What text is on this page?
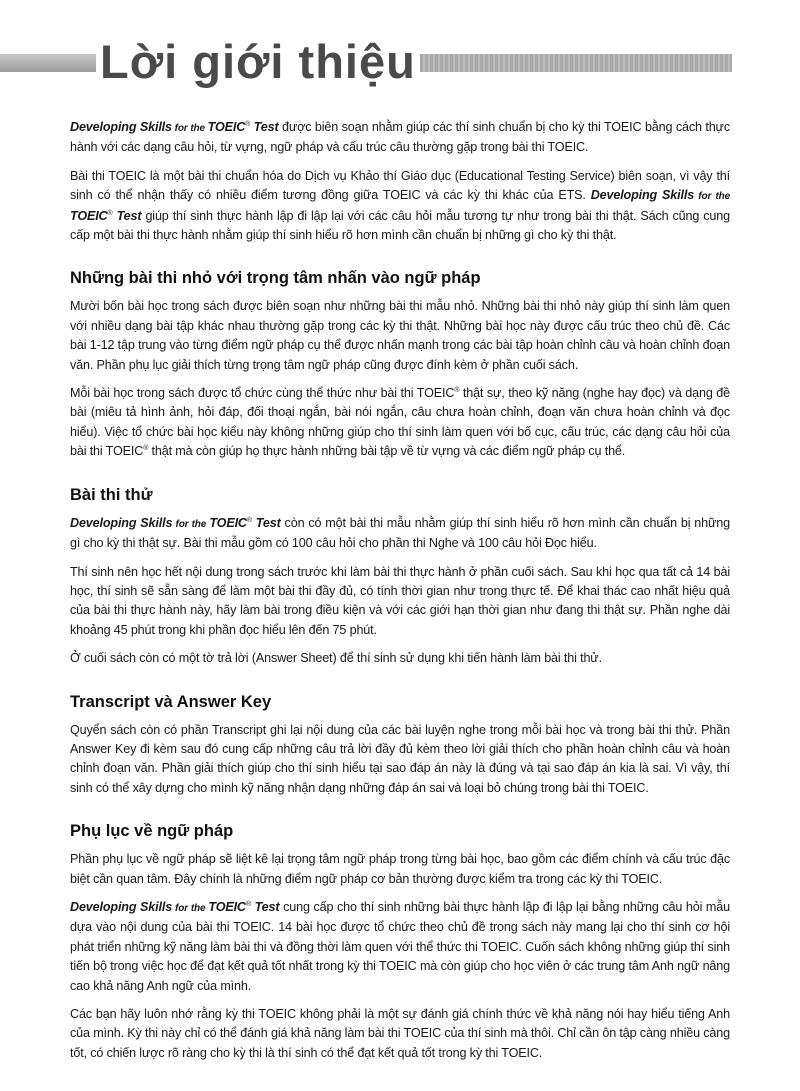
Lời giới thiệu

Developing Skills for the TOEIC® Test được biên soạn nhằm giúp các thí sinh chuẩn bị cho kỳ thi TOEIC bằng cách thực hành với các dạng câu hỏi, từ vựng, ngữ pháp và cấu trúc câu thường gặp trong bài thi TOEIC.

Bài thi TOEIC là một bài thi chuẩn hóa do Dịch vụ Khảo thí Giáo dục (Educational Testing Service) biên soạn, vì vậy thí sinh có thể nhận thấy có nhiều điểm tương đồng giữa TOEIC và các kỳ thi khác của ETS. Developing Skills for the TOEIC® Test giúp thí sinh thực hành lập đi lập lại với các câu hỏi mẫu tương tự như trong bài thi thật. Sách cũng cung cấp một bài thi thực hành nhằm giúp thí sinh hiểu rõ hơn mình cần chuẩn bị những gì cho kỳ thi thật.

Những bài thi nhỏ với trọng tâm nhấn vào ngữ pháp

Mười bốn bài học trong sách được biên soạn như những bài thi mẫu nhỏ. Những bài thi nhỏ này giúp thí sinh làm quen với nhiều dạng bài tập khác nhau thường gặp trong các kỳ thi thật. Những bài học này được cấu trúc theo chủ đề. Các bài 1-12 tập trung vào từng điểm ngữ pháp cụ thể được nhấn mạnh trong các bài tập hoàn chỉnh câu và hoàn chỉnh đoạn văn. Phần phụ lục giải thích từng trọng tâm ngữ pháp cũng được đính kèm ở phần cuối sách.

Mỗi bài học trong sách được tổ chức cùng thể thức như bài thi TOEIC® thật sự, theo kỹ năng (nghe hay đọc) và dạng đề bài (miêu tả hình ảnh, hỏi đáp, đối thoại ngắn, bài nói ngắn, câu chưa hoàn chỉnh, đoạn văn chưa hoàn chỉnh và đọc hiểu). Việc tổ chức bài học kiểu này không những giúp cho thí sinh làm quen với bố cục, cấu trúc, các dạng câu hỏi của bài thi TOEIC® thật mà còn giúp họ thực hành những bài tập về từ vựng và các điểm ngữ pháp cụ thể.

Bài thi thử

Developing Skills for the TOEIC® Test còn có một bài thi mẫu nhằm giúp thí sinh hiểu rõ hơn mình cần chuẩn bị những gì cho kỳ thi thật sự. Bài thi mẫu gồm có 100 câu hỏi cho phần thi Nghe và 100 câu hỏi Đọc hiểu.

Thí sinh nên học hết nội dung trong sách trước khi làm bài thi thực hành ở phần cuối sách. Sau khi học qua tất cả 14 bài học, thí sinh sẽ sẵn sàng để làm một bài thi đầy đủ, có tính thời gian như trong thực tế. Để khai thác cao nhất hiệu quả của bài thi thực hành này, hãy làm bài trong điều kiện và với các giới hạn thời gian như đang thi thật sự. Phần nghe dài khoảng 45 phút trong khi phần đọc hiểu lên đến 75 phút.

Ở cuối sách còn có một tờ trả lời (Answer Sheet) để thí sinh sử dụng khi tiến hành làm bài thi thử.

Transcript và Answer Key

Quyển sách còn có phần Transcript ghi lại nội dung của các bài luyện nghe trong mỗi bài học và trong bài thi thử. Phần Answer Key đi kèm sau đó cung cấp những câu trả lời đầy đủ kèm theo lời giải thích cho phần hoàn chỉnh câu và hoàn chỉnh đoạn văn. Phần giải thích giúp cho thí sinh hiểu tại sao đáp án này là đúng và tại sao đáp án kia là sai. Vì vậy, thí sinh có thể xây dựng cho mình kỹ năng nhận dạng những đáp án sai và loại bỏ chúng trong bài thi TOEIC.

Phụ lục về ngữ pháp

Phần phụ lục về ngữ pháp sẽ liệt kê lại trọng tâm ngữ pháp trong từng bài học, bao gồm các điểm chính và cấu trúc đặc biệt cần quan tâm. Đây chính là những điểm ngữ pháp cơ bản thường được kiểm tra trong các kỳ thi TOEIC.

Developing Skills for the TOEIC® Test cung cấp cho thí sinh những bài thực hành lập đi lập lại bằng những câu hỏi mẫu dựa vào nội dung của bài thi TOEIC. 14 bài học được tổ chức theo chủ đề trong sách này mang lại cho thí sinh cơ hội phát triển những kỹ năng làm bài thi và đồng thời làm quen với thể thức thi TOEIC. Cuốn sách không những giúp thí sinh tiến bộ trong việc học để đạt kết quả tốt nhất trong kỳ thi TOEIC mà còn giúp cho học viên ở các trung tâm Anh ngữ nâng cao khả năng Anh ngữ của mình.

Các bạn hãy luôn nhớ rằng kỳ thi TOEIC không phải là một sự đánh giá chính thức về khả năng nói hay hiểu tiếng Anh của mình. Kỳ thi này chỉ có thể đánh giá khả năng làm bài thi TOEIC của thí sinh mà thôi. Chỉ cần ôn tập càng nhiều càng tốt, có chiến lược rõ ràng cho kỳ thi là thí sinh có thể đạt kết quả tốt trong kỳ thi TOEIC.
